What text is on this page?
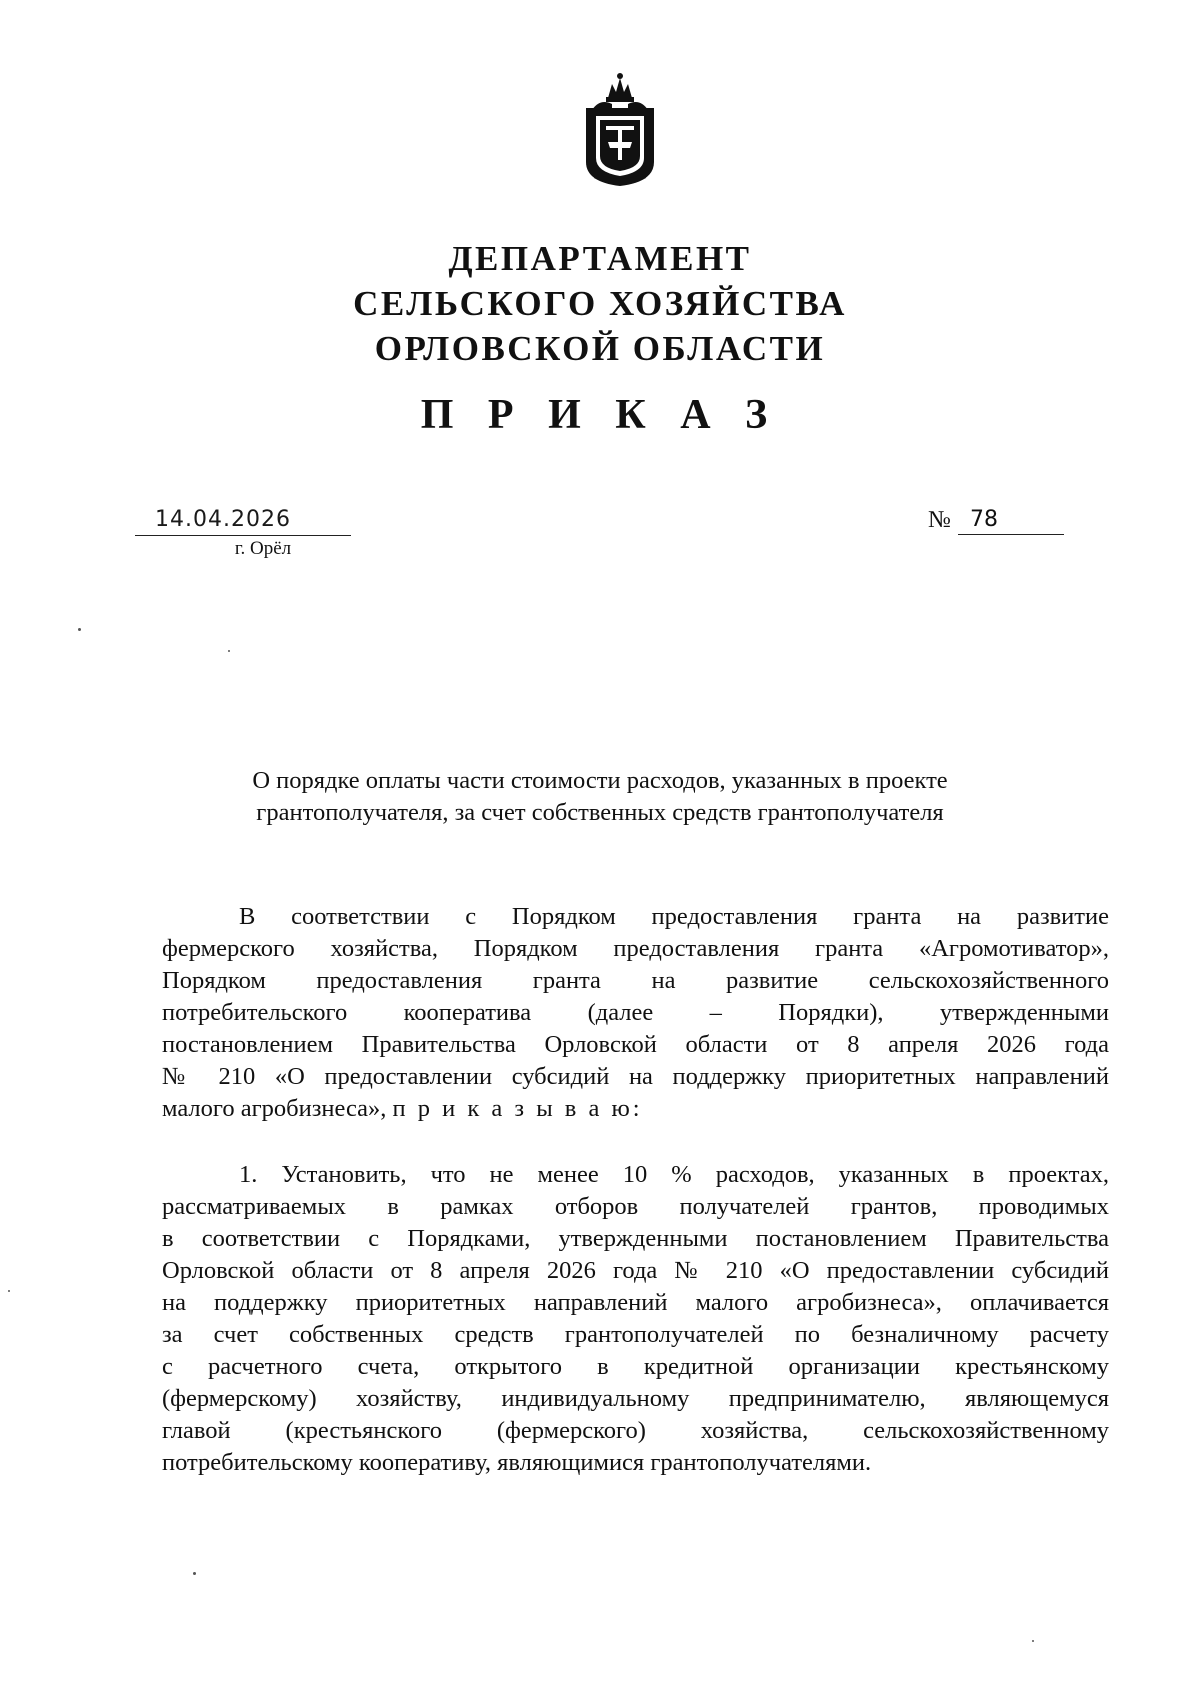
ДЕПАРТАМЕНТ
СЕЛЬСКОГО ХОЗЯЙСТВА
ОРЛОВСКОЙ ОБЛАСТИ
П Р И К А З
14.04.2026
г. Орёл
№ 78
О порядке оплаты части стоимости расходов, указанных в проекте
грантополучателя, за счет собственных средств грантополучателя
В соответствии с Порядком предоставления гранта на развитие
фермерского хозяйства, Порядком предоставления гранта «Агромотиватор»,
Порядком предоставления гранта на развитие сельскохозяйственного
потребительского кооператива (далее – Порядки), утвержденными
постановлением Правительства Орловской области от 8 апреля 2026 года
№ 210 «О предоставлении субсидий на поддержку приоритетных направлений
малого агробизнеса», п р и к а з ы в а ю:
1. Установить, что не менее 10 % расходов, указанных в проектах,
рассматриваемых в рамках отборов получателей грантов, проводимых
в соответствии с Порядками, утвержденными постановлением Правительства
Орловской области от 8 апреля 2026 года № 210 «О предоставлении субсидий
на поддержку приоритетных направлений малого агробизнеса», оплачивается
за счет собственных средств грантополучателей по безналичному расчету
с расчетного счета, открытого в кредитной организации крестьянскому
(фермерскому) хозяйству, индивидуальному предпринимателю, являющемуся
главой (крестьянского (фермерского) хозяйства, сельскохозяйственному
потребительскому кооперативу, являющимися грантополучателями.
